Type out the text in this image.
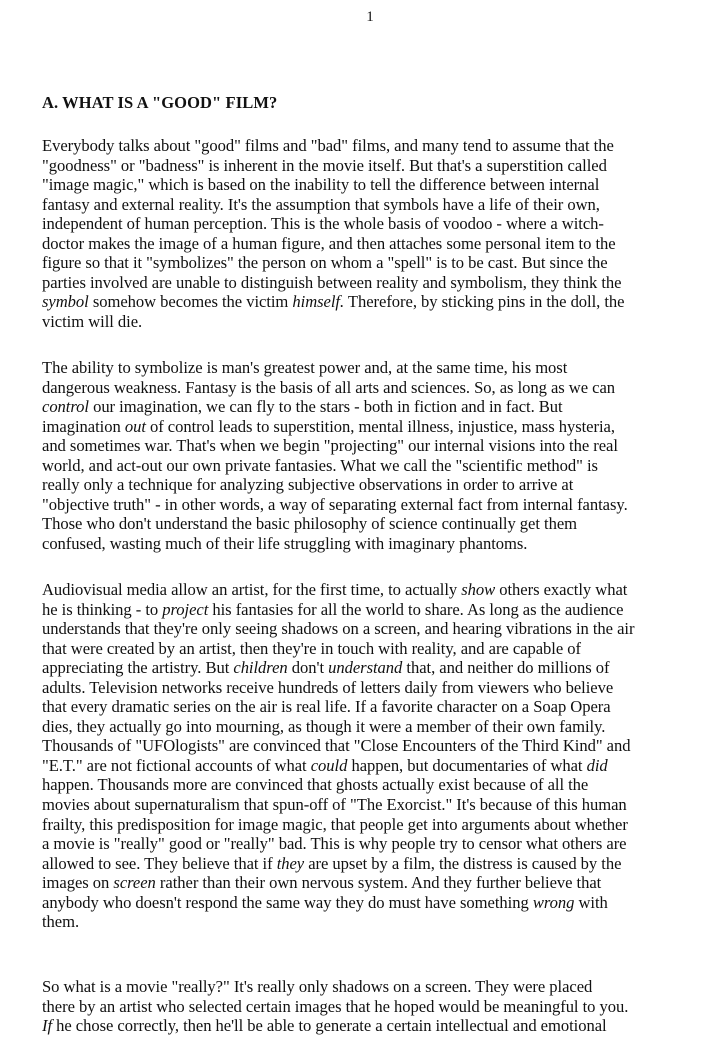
1
A. WHAT IS A "GOOD" FILM?
Everybody talks about "good" films and "bad" films, and many tend to assume that the
"goodness" or "badness" is inherent in the movie itself. But that's a superstition called
"image magic," which is based on the inability to tell the difference between internal
fantasy and external reality. It's the assumption that symbols have a life of their own,
independent of human perception. This is the whole basis of voodoo - where a witch-
doctor makes the image of a human figure, and then attaches some personal item to the
figure so that it "symbolizes" the person on whom a "spell" is to be cast. But since the
parties involved are unable to distinguish between reality and symbolism, they think the
symbol somehow becomes the victim himself. Therefore, by sticking pins in the doll, the
victim will die.
The ability to symbolize is man's greatest power and, at the same time, his most
dangerous weakness. Fantasy is the basis of all arts and sciences. So, as long as we can
control our imagination, we can fly to the stars - both in fiction and in fact. But
imagination out of control leads to superstition, mental illness, injustice, mass hysteria,
and sometimes war. That's when we begin "projecting" our internal visions into the real
world, and act-out our own private fantasies. What we call the "scientific method" is
really only a technique for analyzing subjective observations in order to arrive at
"objective truth" - in other words, a way of separating external fact from internal fantasy.
Those who don't understand the basic philosophy of science continually get them
confused, wasting much of their life struggling with imaginary phantoms.
Audiovisual media allow an artist, for the first time, to actually show others exactly what
he is thinking - to project his fantasies for all the world to share. As long as the audience
understands that they're only seeing shadows on a screen, and hearing vibrations in the air
that were created by an artist, then they're in touch with reality, and are capable of
appreciating the artistry. But children don't understand that, and neither do millions of
adults. Television networks receive hundreds of letters daily from viewers who believe
that every dramatic series on the air is real life. If a favorite character on a Soap Opera
dies, they actually go into mourning, as though it were a member of their own family.
Thousands of "UFOlogists" are convinced that "Close Encounters of the Third Kind" and
"E.T." are not fictional accounts of what could happen, but documentaries of what did
happen. Thousands more are convinced that ghosts actually exist because of all the
movies about supernaturalism that spun-off of "The Exorcist." It's because of this human
frailty, this predisposition for image magic, that people get into arguments about whether
a movie is "really" good or "really" bad. This is why people try to censor what others are
allowed to see. They believe that if they are upset by a film, the distress is caused by the
images on screen rather than their own nervous system. And they further believe that
anybody who doesn't respond the same way they do must have something wrong with
them.
So what is a movie "really?" It's really only shadows on a screen. They were placed
there by an artist who selected certain images that he hoped would be meaningful to you.
If he chose correctly, then he'll be able to generate a certain intellectual and emotional
